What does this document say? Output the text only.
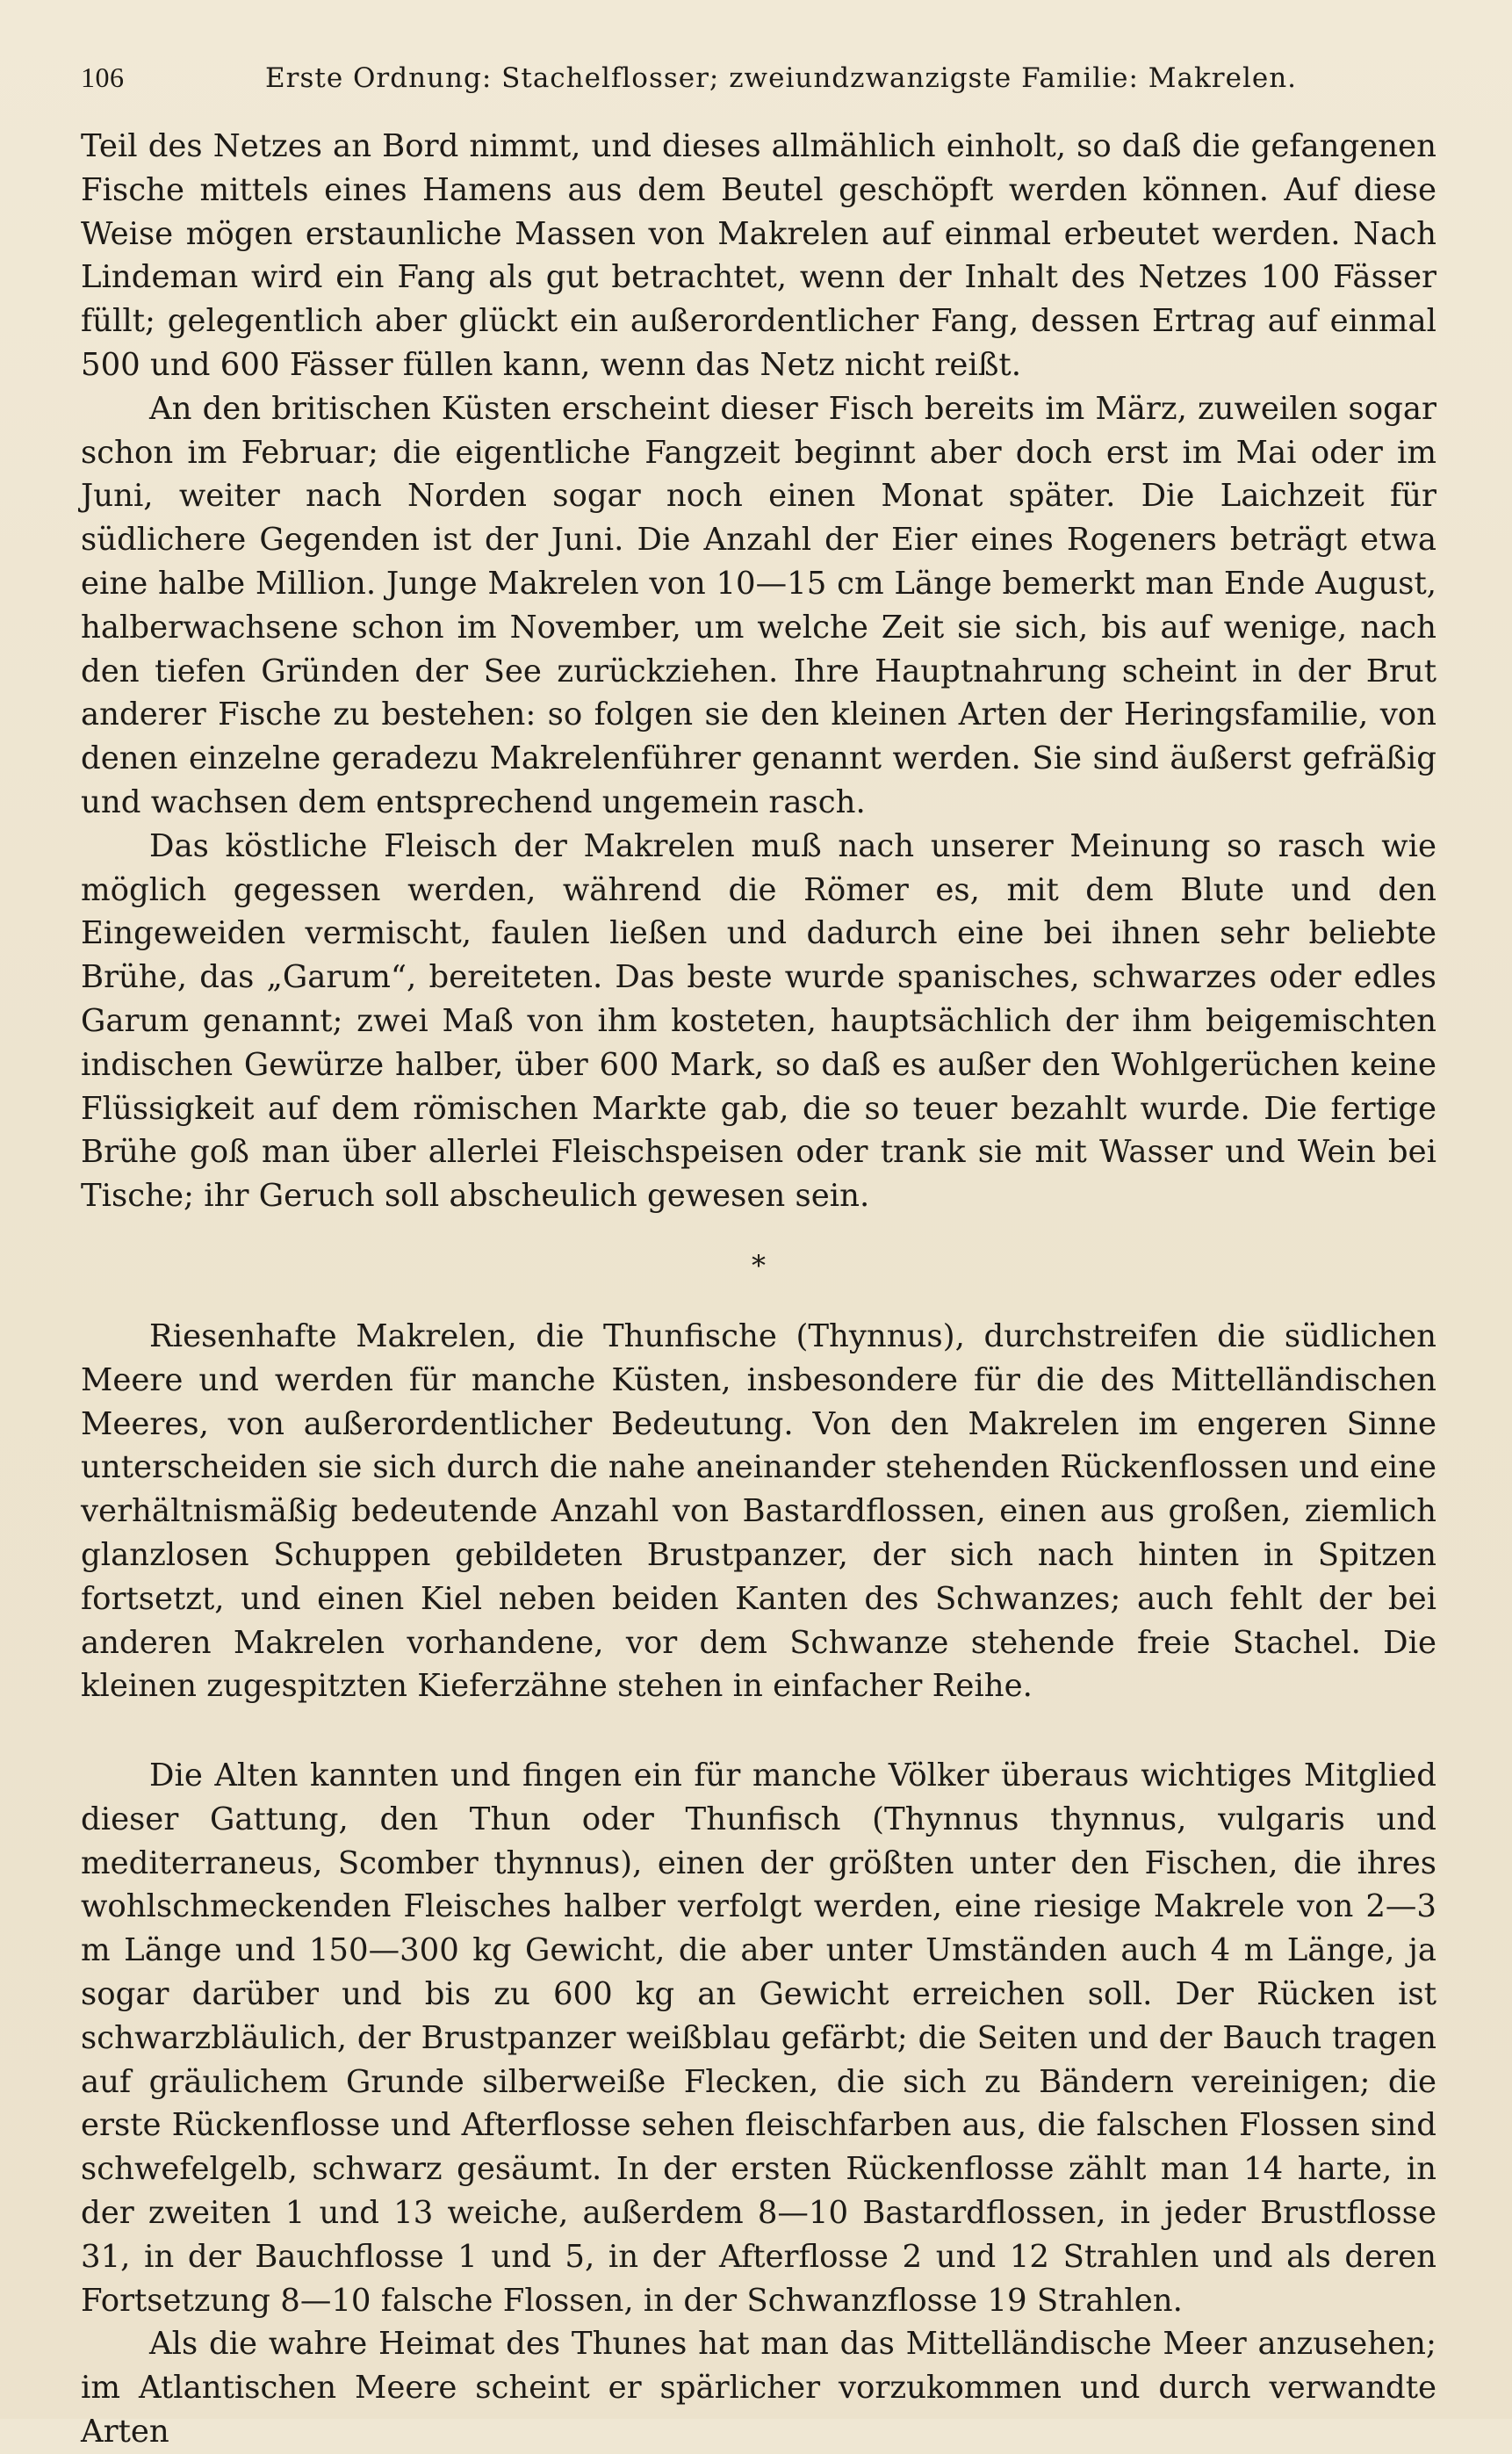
106	Erste Ordnung: Stachelflosser; zweiundzwanzigste Familie: Makrelen.

Teil des Netzes an Bord nimmt, und dieses allmählich einholt, so daß die gefangenen Fische mittels eines Hamens aus dem Beutel geschöpft werden können. Auf diese Weise mögen erstaunliche Massen von Makrelen auf einmal erbeutet werden. Nach Lindeman wird ein Fang als gut betrachtet, wenn der Inhalt des Netzes 100 Fässer füllt; gelegentlich aber glückt ein außerordentlicher Fang, dessen Ertrag auf einmal 500 und 600 Fässer füllen kann, wenn das Netz nicht reißt.

An den britischen Küsten erscheint dieser Fisch bereits im März, zuweilen sogar schon im Februar; die eigentliche Fangzeit beginnt aber doch erst im Mai oder im Juni, weiter nach Norden sogar noch einen Monat später. Die Laichzeit für südlichere Gegenden ist der Juni. Die Anzahl der Eier eines Rogeners beträgt etwa eine halbe Million. Junge Makrelen von 10—15 cm Länge bemerkt man Ende August, halberwachsene schon im November, um welche Zeit sie sich, bis auf wenige, nach den tiefen Gründen der See zurückziehen. Ihre Hauptnahrung scheint in der Brut anderer Fische zu bestehen: so folgen sie den kleinen Arten der Heringsfamilie, von denen einzelne geradezu Makrelenführer genannt werden. Sie sind äußerst gefräßig und wachsen dem entsprechend ungemein rasch.

Das köstliche Fleisch der Makrelen muß nach unserer Meinung so rasch wie möglich gegessen werden, während die Römer es, mit dem Blute und den Eingeweiden vermischt, faulen ließen und dadurch eine bei ihnen sehr beliebte Brühe, das „Garum“, bereiteten. Das beste wurde spanisches, schwarzes oder edles Garum genannt; zwei Maß von ihm kosteten, hauptsächlich der ihm beigemischten indischen Gewürze halber, über 600 Mark, so daß es außer den Wohlgerüchen keine Flüssigkeit auf dem römischen Markte gab, die so teuer bezahlt wurde. Die fertige Brühe goß man über allerlei Fleischspeisen oder trank sie mit Wasser und Wein bei Tische; ihr Geruch soll abscheulich gewesen sein.

*

Riesenhafte Makrelen, die Thunfische (Thynnus), durchstreifen die südlichen Meere und werden für manche Küsten, insbesondere für die des Mittelländischen Meeres, von außerordentlicher Bedeutung. Von den Makrelen im engeren Sinne unterscheiden sie sich durch die nahe aneinander stehenden Rückenflossen und eine verhältnismäßig bedeutende Anzahl von Bastardflossen, einen aus großen, ziemlich glanzlosen Schuppen gebildeten Brustpanzer, der sich nach hinten in Spitzen fortsetzt, und einen Kiel neben beiden Kanten des Schwanzes; auch fehlt der bei anderen Makrelen vorhandene, vor dem Schwanze stehende freie Stachel. Die kleinen zugespitzten Kieferzähne stehen in einfacher Reihe.

Die Alten kannten und fingen ein für manche Völker überaus wichtiges Mitglied dieser Gattung, den Thun oder Thunfisch (Thynnus thynnus, vulgaris und mediterraneus, Scomber thynnus), einen der größten unter den Fischen, die ihres wohlschmeckenden Fleisches halber verfolgt werden, eine riesige Makrele von 2—3 m Länge und 150—300 kg Gewicht, die aber unter Umständen auch 4 m Länge, ja sogar darüber und bis zu 600 kg an Gewicht erreichen soll. Der Rücken ist schwarzbläulich, der Brustpanzer weißblau gefärbt; die Seiten und der Bauch tragen auf gräulichem Grunde silberweiße Flecken, die sich zu Bändern vereinigen; die erste Rückenflosse und Afterflosse sehen fleischfarben aus, die falschen Flossen sind schwefelgelb, schwarz gesäumt. In der ersten Rückenflosse zählt man 14 harte, in der zweiten 1 und 13 weiche, außerdem 8—10 Bastardflossen, in jeder Brustflosse 31, in der Bauchflosse 1 und 5, in der Afterflosse 2 und 12 Strahlen und als deren Fortsetzung 8—10 falsche Flossen, in der Schwanzflosse 19 Strahlen.

Als die wahre Heimat des Thunes hat man das Mittelländische Meer anzusehen; im Atlantischen Meere scheint er spärlicher vorzukommen und durch verwandte Arten
